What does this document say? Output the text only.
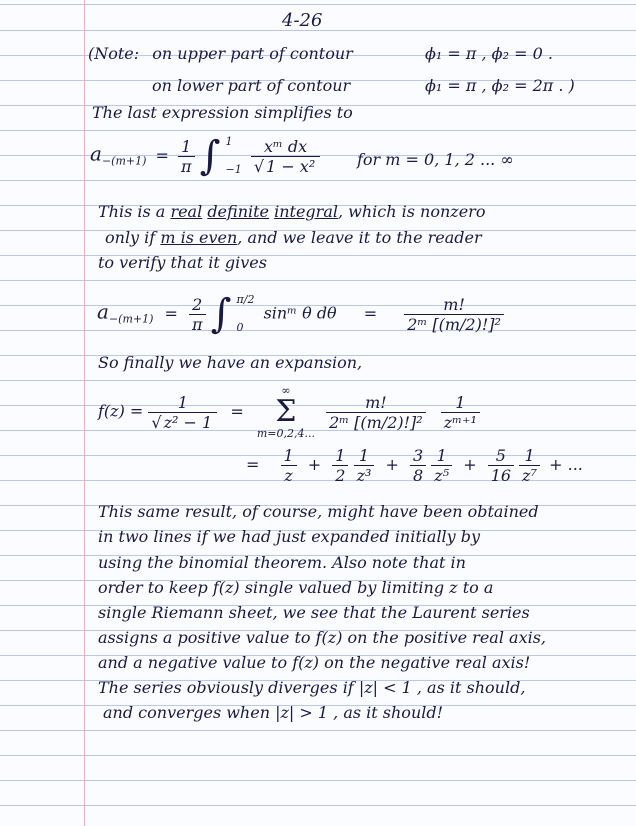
4-26
(Note: on upper part of contour	ϕ₁ = π , ϕ₂ = 0 .
on lower part of contour	ϕ₁ = π , ϕ₂ = 2π . )
The last expression simplifies to
$a_{-(m+1)} = \frac{1}{\pi}$ ∫ 1
−1
$\frac{\text{xᵐ dx}}{\text{√ 1 − x²}}$ for m = 0, 1, 2 ... ∞
This is a real definite integral, which is nonzero
only if m is even, and we leave it to the reader
to verify that it gives
$a_{-(m+1)} = \frac{2}{\pi}$ ∫ π/2
0
sinᵐ θ $d\theta = \frac{m!}{\text{2ᵐ [(m/2)!]²}}$
So finally we have an expansion,
$f(z) = \frac{1}{\text{√ z² − 1}}$ =
∞
Σ
m=0,2,4...

$\frac{m!}{\text{2ᵐ [(m/2)!]²}}$
$\frac{1}{\text{zᵐ⁺¹}}$
= $\frac{1}{z} + \frac{1}{2}$
$\frac{1}{\text{z³}} + \frac{3}{8}$
$\frac{1}{\text{z⁵}} + \frac{5}{16}$
$\frac{1}{\text{z⁷}}$ + ...
This same result, of course, might have been obtained
in two lines if we had just expanded initially by
using the binomial theorem. Also note that in
order to keep f(z) single valued by limiting z to a
single Riemann sheet, we see that the Laurent series
assigns a positive value to f(z) on the positive real axis,
and a negative value to f(z) on the negative real axis!
The series obviously diverges if |z| < 1 , as it should,
and converges when |z| > 1 , as it should!
